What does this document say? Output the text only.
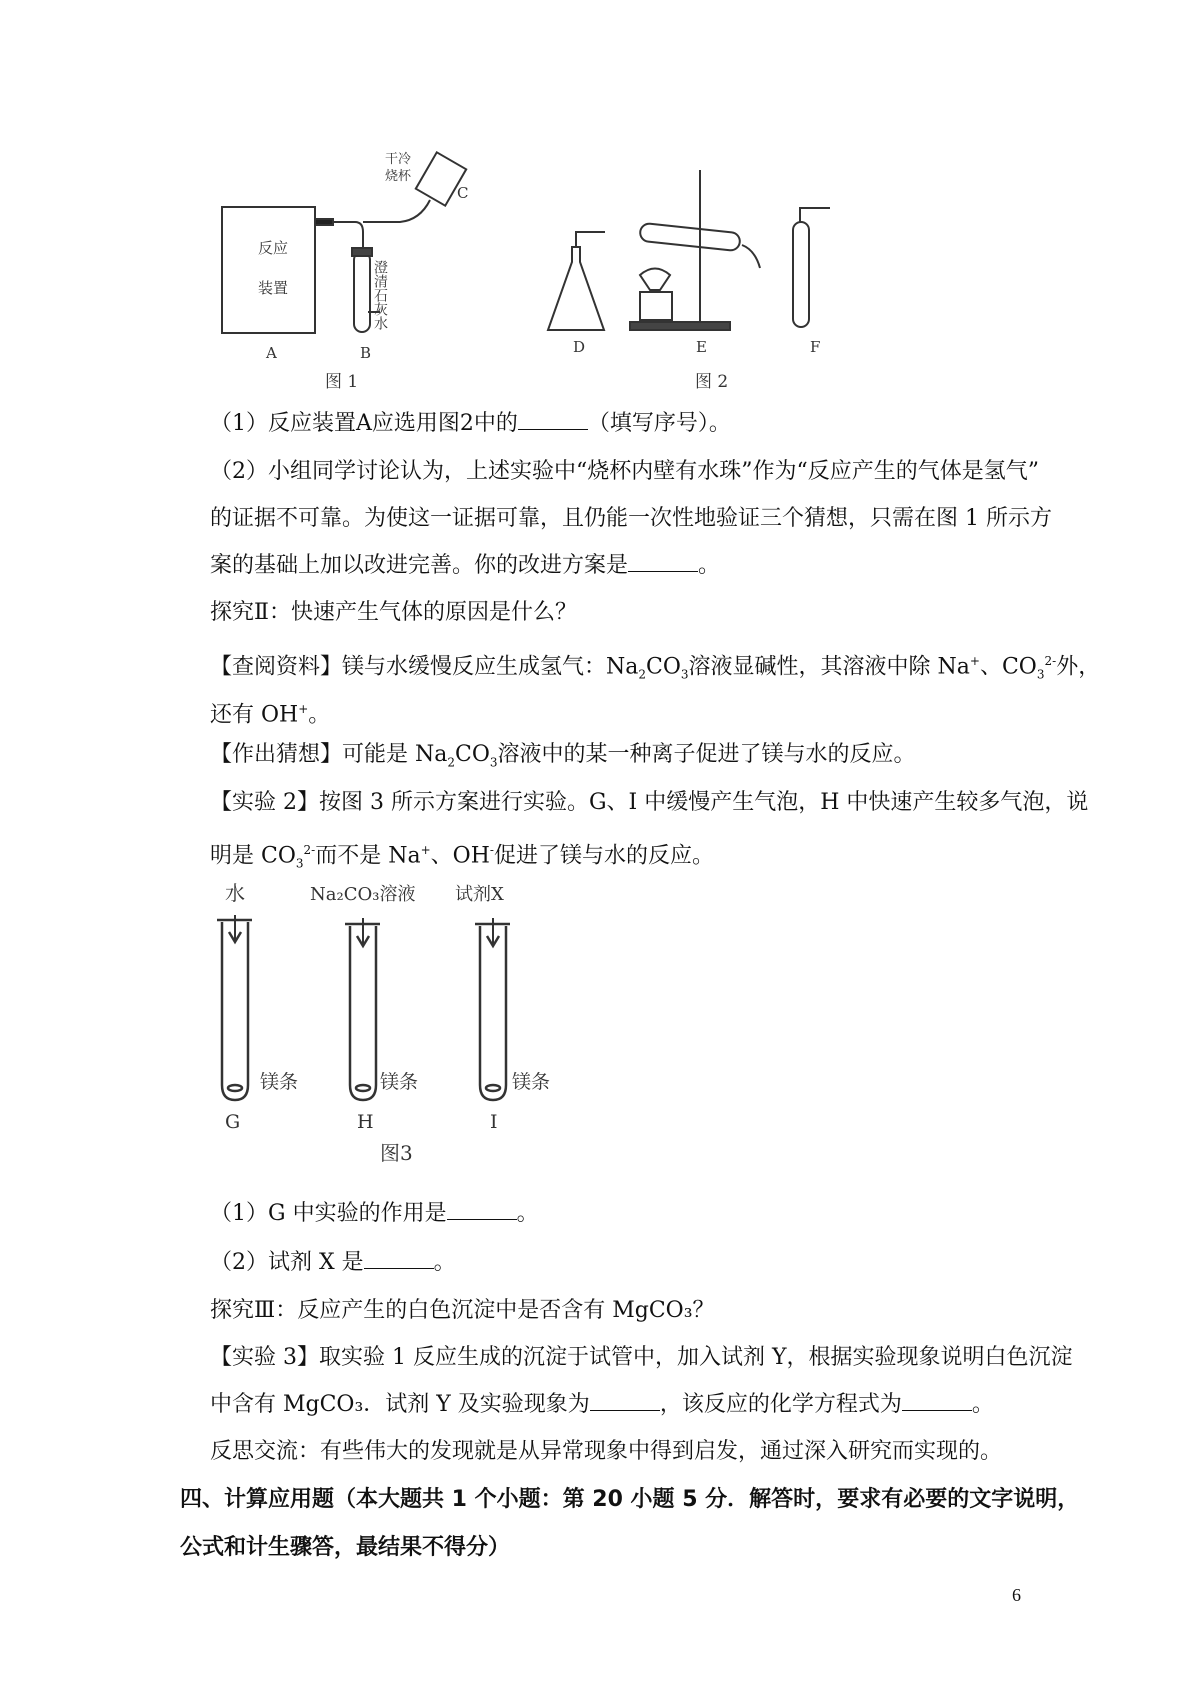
反应
装置
干冷
烧杯
C
澄清石灰水
A	B
图 1
D	E	F
图 2
（1）反应装置A应选用图2中的	（填写序号）。
（2）小组同学讨论认为，上述实验中“烧杯内壁有水珠”作为“反应产生的气体是氢气”
的证据不可靠。为使这一证据可靠，且仍能一次性地验证三个猜想，只需在图 1 所示方
案的基础上加以改进完善。你的改进方案是	。
探究Ⅱ：快速产生气体的原因是什么？
【查阅资料】镁与水缓慢反应生成氢气：$Na_2CO_3$溶液显碱性，其溶液中除 Na+、$CO_3^{2-}$外，
还有 OH+。
【作出猜想】可能是 $Na_2CO_3$溶液中的某一种离子促进了镁与水的反应。
【实验 2】按图 3 所示方案进行实验。G、I 中缓慢产生气泡，H 中快速产生较多气泡，说
明是 $CO_3^{2-}$而不是 Na+、OH-促进了镁与水的反应。
水	Na₂CO₃溶液 试剂X
镁条	镁条	镁条
G	H	I
图3
（1）G 中实验的作用是	。
（2）试剂 X 是	。
探究Ⅲ：反应产生的白色沉淀中是否含有 MgCO₃？
【实验 3】取实验 1 反应生成的沉淀于试管中，加入试剂 Y，根据实验现象说明白色沉淀
中含有 MgCO₃．试剂 Y 及实验现象为	，该反应的化学方程式为	。
反思交流：有些伟大的发现就是从异常现象中得到启发，通过深入研究而实现的。
四、计算应用题（本大题共 1 个小题：第 20 小题 5 分．解答时，要求有必要的文字说明，
公式和计生骤答，最结果不得分）
6
